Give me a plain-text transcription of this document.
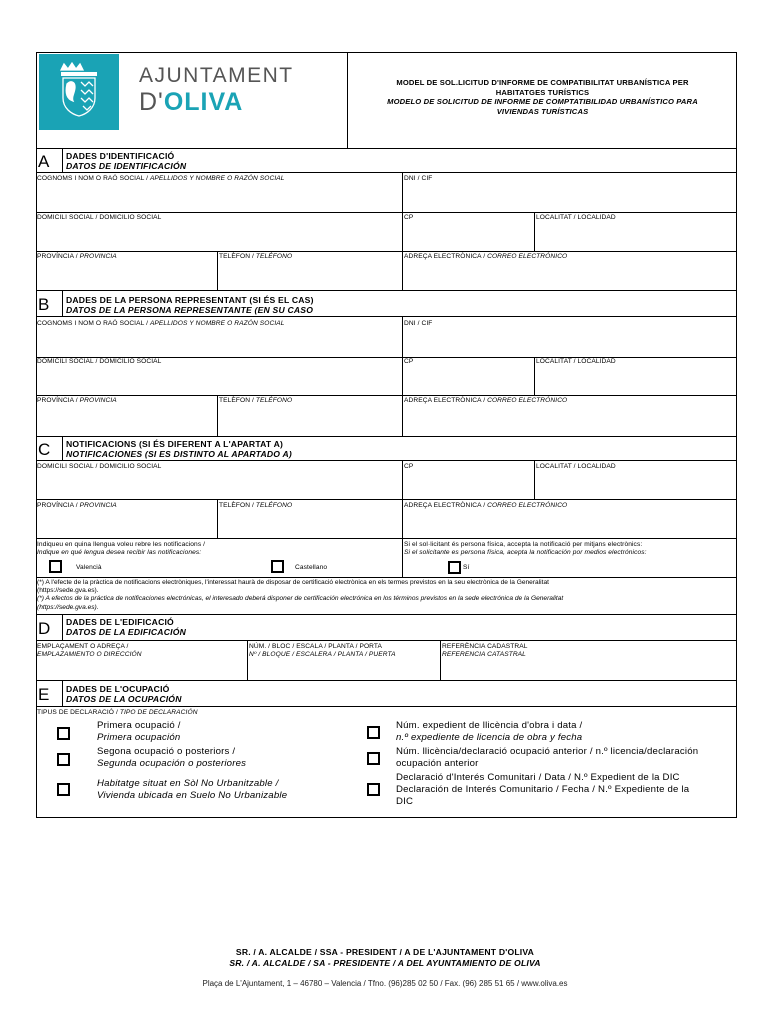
AJUNTAMENT
D'OLIVA
MODEL DE SOL.LICITUD D'INFORME DE COMPATIBILITAT URBANÍSTICA PER
HABITATGES TURÍSTICS
MODELO DE SOLICITUD DE INFORME DE COMPTATIBILIDAD URBANÍSTICO PARA
VIVIENDAS TURÍSTICAS
A DADES D'IDENTIFICACIÓ
DATOS DE IDENTIFICACIÓN
COGNOMS I NOM O RAÓ SOCIAL / APELLIDOS Y NOMBRE O RAZÓN SOCIAL	DNI / CIF
DOMICILI SOCIAL / DOMICILIO SOCIAL	CP	LOCALITAT / LOCALIDAD
PROVÍNCIA / PROVINCIA	TELÈFON / TELÉFONO	ADREÇA ELECTRÒNICA / CORREO ELECTRÓNICO
B DADES DE LA PERSONA REPRESENTANT (SI ÉS EL CAS)
DATOS DE LA PERSONA REPRESENTANTE (EN SU CASO
COGNOMS I NOM O RAÓ SOCIAL / APELLIDOS Y NOMBRE O RAZÓN SOCIAL	DNI / CIF
DOMICILI SOCIAL / DOMICILIO SOCIAL	CP	LOCALITAT / LOCALIDAD
PROVÍNCIA / PROVINCIA	TELÈFON / TELÉFONO	ADREÇA ELECTRÒNICA / CORREO ELECTRÓNICO
C NOTIFICACIONS (SI ÉS DIFERENT A L'APARTAT A)
NOTIFICACIONES (SI ES DISTINTO AL APARTADO A)
DOMICILI SOCIAL / DOMICILIO SOCIAL	CP	LOCALITAT / LOCALIDAD
PROVÍNCIA / PROVINCIA	TELÈFON / TELÉFONO	ADREÇA ELECTRÒNICA / CORREO ELECTRÓNICO
Indiqueu en quina llengua voleu rebre les notificacions /
Indique en qué lengua desea recibir las notificaciones:
Si el sol·licitant és persona física, accepta la notificació per mitjans electrònics:
Si el solicitante es persona física, acepta la notificación por medios electrónicos:
Valencià	Castellano	Sí
(*) A l'efecte de la pràctica de notificacions electròniques, l'interessat haurà de disposar de certificació electrònica en els termes previstos en la seu electrònica de la Generalitat
(https://sede.gva.es).
(*) A efectos de la práctica de notificaciones electrónicas, el interesado deberá disponer de certificación electrónica en los términos previstos en la sede electrónica de la Generalitat
(https://sede.gva.es).
D DADES DE L'EDIFICACIÓ
DATOS DE LA EDIFICACIÓN
EMPLAÇAMENT O ADREÇA /
EMPLAZAMIENTO O DIRECCIÓN
NÚM. / BLOC / ESCALA / PLANTA / PORTA
Nº / BLOQUE / ESCALERA / PLANTA / PUERTA
REFERÈNCIA CADASTRAL
REFERENCIA CATASTRAL
E DADES DE L'OCUPACIÓ
DATOS DE LA OCUPACIÓN
TIPUS DE DECLARACIÓ / TIPO DE DECLARACIÓN
Primera ocupació /
Primera ocupación
Segona ocupació o posteriors /
Segunda ocupación o posteriores
Habitatge situat en Sòl No Urbanitzable /
Vivienda ubicada en Suelo No Urbanizable
Núm. expedient de llicència d'obra i data /
n.º expediente de licencia de obra y fecha
Núm. llicència/declaració ocupació anterior / n.º licencia/declaración
ocupación anterior
Declaració d'Interés Comunitari / Data / N.º Expedient de la DIC
Declaración de Interés Comunitario / Fecha / N.º Expediente de la
DIC
SR. / A. ALCALDE / SSA - PRESIDENT / A DE L'AJUNTAMENT D'OLIVA
SR. / A. ALCALDE / SA - PRESIDENTE / A DEL AYUNTAMIENTO DE OLIVA
Plaça de L'Ajuntament, 1 – 46780 – Valencia / Tfno. (96)285 02 50 / Fax. (96) 285 51 65 / www.oliva.es
